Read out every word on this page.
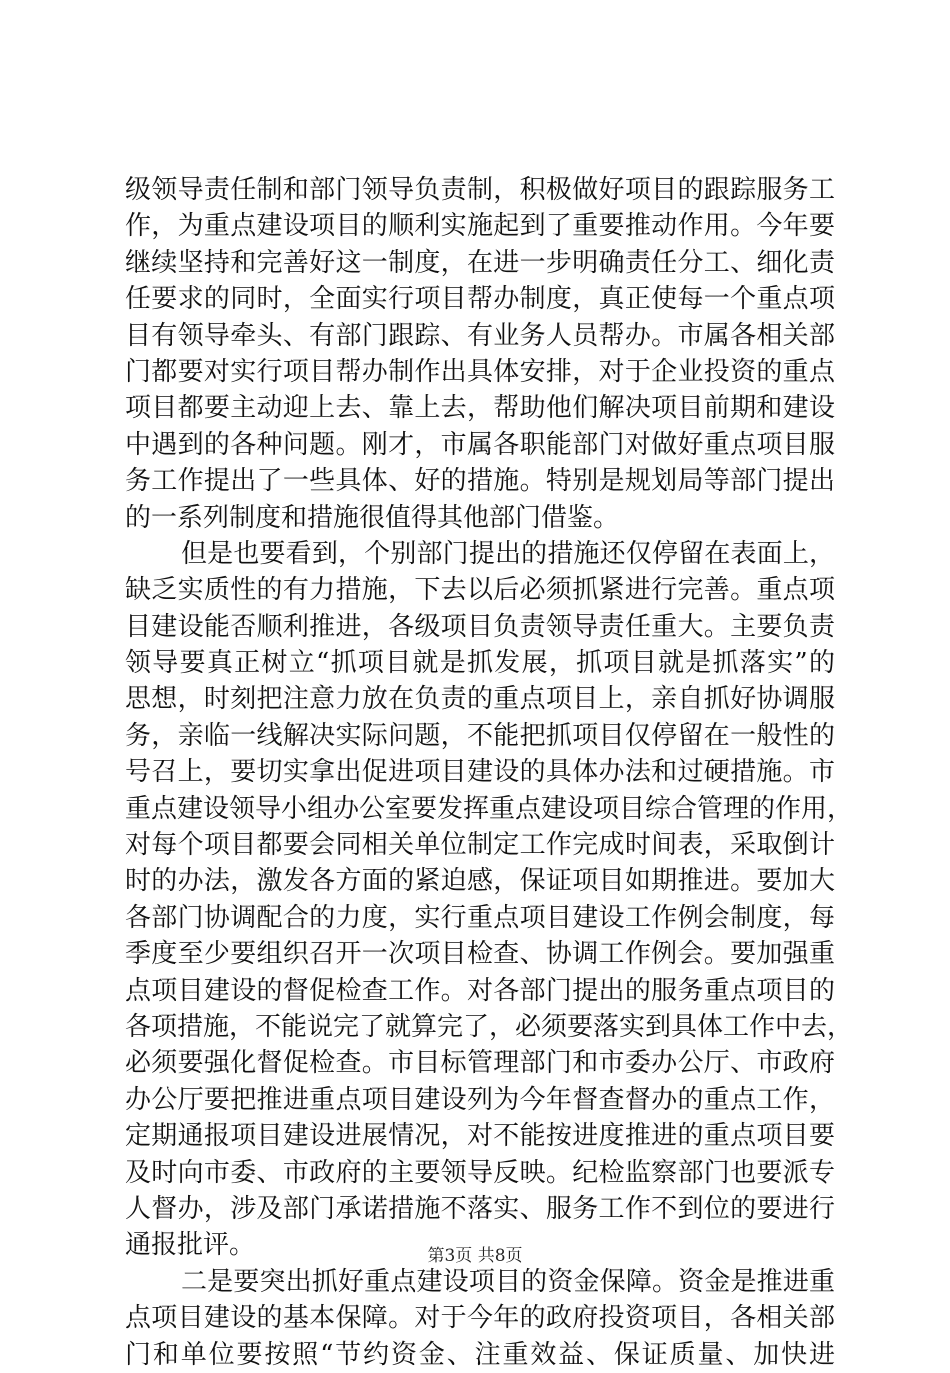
级领导责任制和部门领导负责制，积极做好项目的跟踪服务工
作，为重点建设项目的顺利实施起到了重要推动作用。今年要
继续坚持和完善好这一制度，在进一步明确责任分工、细化责
任要求的同时，全面实行项目帮办制度，真正使每一个重点项
目有领导牵头、有部门跟踪、有业务人员帮办。市属各相关部
门都要对实行项目帮办制作出具体安排，对于企业投资的重点
项目都要主动迎上去、靠上去，帮助他们解决项目前期和建设
中遇到的各种问题。刚才，市属各职能部门对做好重点项目服
务工作提出了一些具体、好的措施。特别是规划局等部门提出
的一系列制度和措施很值得其他部门借鉴。
但是也要看到，个别部门提出的措施还仅停留在表面上，
缺乏实质性的有力措施，下去以后必须抓紧进行完善。重点项
目建设能否顺利推进，各级项目负责领导责任重大。主要负责
领导要真正树立“抓项目就是抓发展，抓项目就是抓落实”的
思想，时刻把注意力放在负责的重点项目上，亲自抓好协调服
务，亲临一线解决实际问题，不能把抓项目仅停留在一般性的
号召上，要切实拿出促进项目建设的具体办法和过硬措施。市
重点建设领导小组办公室要发挥重点建设项目综合管理的作用，
对每个项目都要会同相关单位制定工作完成时间表，采取倒计
时的办法，激发各方面的紧迫感，保证项目如期推进。要加大
各部门协调配合的力度，实行重点项目建设工作例会制度，每
季度至少要组织召开一次项目检查、协调工作例会。要加强重
点项目建设的督促检查工作。对各部门提出的服务重点项目的
各项措施，不能说完了就算完了，必须要落实到具体工作中去，
必须要强化督促检查。市目标管理部门和市委办公厅、市政府
办公厅要把推进重点项目建设列为今年督查督办的重点工作，
定期通报项目建设进展情况，对不能按进度推进的重点项目要
及时向市委、市政府的主要领导反映。纪检监察部门也要派专
人督办，涉及部门承诺措施不落实、服务工作不到位的要进行
通报批评。
二是要突出抓好重点建设项目的资金保障。资金是推进重
点项目建设的基本保障。对于今年的政府投资项目，各相关部
门和单位要按照“节约资金、注重效益、保证质量、加快进
第3页 共8页
